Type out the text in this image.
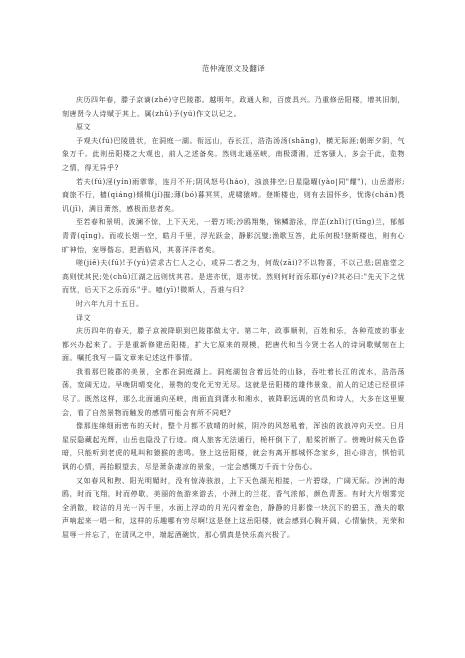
范仲淹原文及翻译

庆历四年春，滕子京谪(zhé)守巴陵郡。越明年，政通人和，百废具兴。乃重修岳阳楼，增其旧制，刻唐贤今人诗赋于其上。属(zhǔ)予(yú)作文以记之。

原文

予观夫(fú)巴陵胜状，在洞庭一湖。衔远山，吞长江，浩浩汤汤(shāng)，横无际涯;朝晖夕阴，气象万千。此则岳阳楼之大观也，前人之述备矣。然则北通巫峡，南极潇湘，迁客骚人，多会于此，览物之情，得无异乎?

若夫(fú)淫(yín)雨霏霏，连月不开;阴风怒号(háo)，浊浪排空;日星隐曜(yào|同"耀")，山岳潜形;商旅不行，樯(qiáng)倾楫(jí)摧;薄(bó)暮冥冥，虎啸猿啼。登斯楼也，则有去国怀乡，忧谗(chán)畏讥(jī)，满目萧然，感极而悲者矣。

至若春和景明，波澜不惊，上下天光，一碧万顷;沙鸥翔集，锦鳞游泳，岸芷(zhǐ)汀(tīng)兰，郁郁青青(qīng)。而或长烟一空，皓月千里，浮光跃金，静影沉璧;渔歌互答，此乐何极!登斯楼也，则有心旷神怡，宠辱偕忘，把酒临风，其喜洋洋者矣。

嗟(jiē)夫(fú)!予(yú)尝求古仁人之心，或异二者之为，何哉(zāi)?不以物喜，不以己悲;居庙堂之高则忧其民;处(chǔ)江湖之远则忧其君。是进亦忧，退亦忧。然则何时而乐耶(yé)?其必曰:"先天下之忧而忧，后天下之乐而乐"乎。噫(yī)!微斯人，吾谁与归?

时六年九月十五日。

译文

庆历四年的春天，滕子京被降职到巴陵郡做太守。第二年，政事顺利，百姓和乐，各种荒废的事业都兴办起来了。于是重新修建岳阳楼，扩大它原来的规模，把唐代和当今贤士名人的诗词歌赋刻在上面。嘱托我写一篇文章来记述这件事情。

我看那巴陵郡的美景，全都在洞庭湖上。洞庭湖包含着远处的山脉，吞吐着长江的流水，浩浩荡荡，宽阔无边。早晚阴晴变化，景物的变化无穷无尽。这就是岳阳楼的雄伟景象，前人的记述已经很详尽了。既然这样，那么北面通向巫峡，南面直到潇水和湘水，被降职远调的官员和诗人，大多在这里聚会，看了自然景物而触发的感情可能会有所不同吧?

像那连绵细雨密布的天时，整个月都不放晴的时候，阴冷的风怒吼着，浑浊的波浪冲向天空。日月星辰隐藏起光辉，山岳也隐没了行迹。商人旅客无法通行，桅杆倒下了，船桨折断了。傍晚时候天色昏暗，只能听到老虎的吼叫和猿猴的悲鸣。登上这岳阳楼，就会有离开都城怀念家乡，担心诽言，惧怕讥讽的心情，再抬眼望去，尽是萧条凄凉的景象，一定会感慨万千而十分伤心。

又如春风和煦、阳光明媚时，没有惊涛骇浪，上下天色湖光相接，一片碧绿，广阔无际。沙洲的海鸥，时而飞翔，时而停歇，美丽的鱼游来游去，小洲上的兰花，香气浓郁，颜色青葱。有时大片烟雾完全消散，皎洁的月光一泻千里，水面上浮动的月光闪着金色，静静的月影像一块沉下的碧玉，渔夫的歌声响起来一唱一和，这样的乐趣哪有穷尽啊!这是登上这岳阳楼，就会感到心胸开阔、心情愉快，光荣和屈辱一并忘了，在清风之中，端起酒碗饮，那心情真是快乐高兴极了。
